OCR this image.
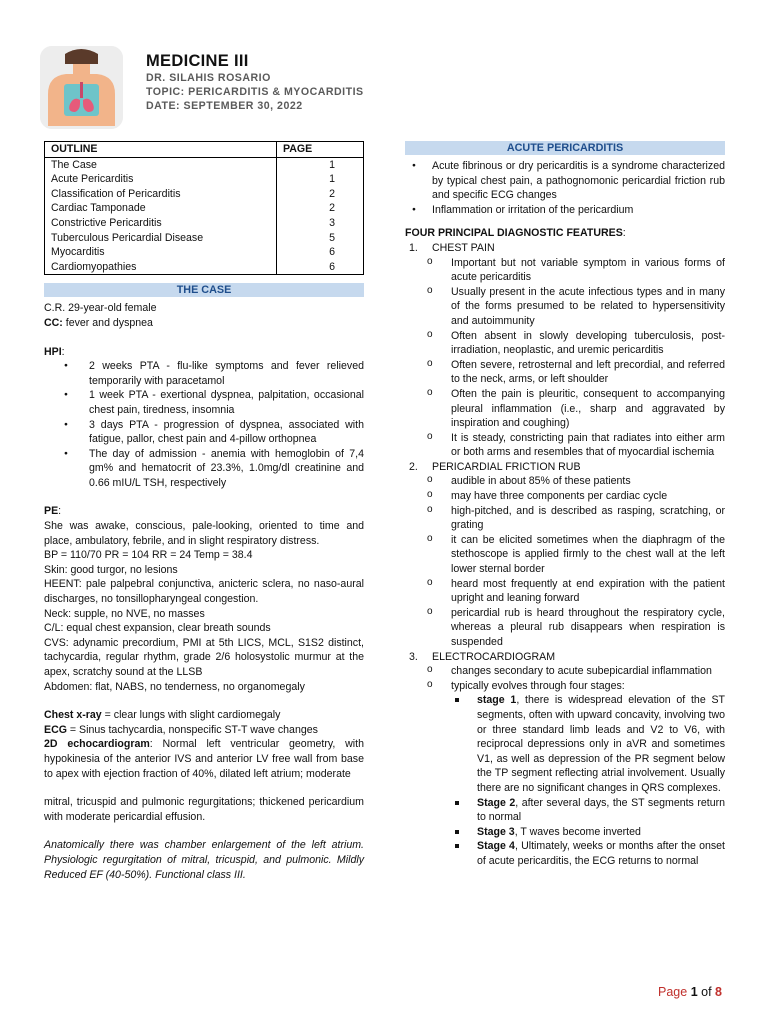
MEDICINE III
DR. SILAHIS ROSARIO
TOPIC: PERICARDITIS & MYOCARDITIS
DATE: SEPTEMBER 30, 2022
OUTLINE	PAGE
The Case	1
Acute Pericarditis	1
Classification of Pericarditis	2
Cardiac Tamponade	2
Constrictive Pericarditis	3
Tuberculous Pericardial Disease	5
Myocarditis	6
Cardiomyopathies	6
THE CASE

C.R. 29-year-old female

CC: fever and dyspnea

HPI:

● 2 weeks PTA - flu-like symptoms and fever relieved temporarily with paracetamol
● 1 week PTA - exertional dyspnea, palpitation, occasional chest pain, tiredness, insomnia
● 3 days PTA - progression of dyspnea, associated with fatigue, pallor, chest pain and 4-pillow orthopnea
● The day of admission - anemia with hemoglobin of 7,4 gm% and hematocrit of 23.3%, 1.0mg/dl creatinine and 0.66 mIU/L TSH, respectively

PE:

She was awake, conscious, pale-looking, oriented to time and place, ambulatory, febrile, and in slight respiratory distress.

BP = 110/70 PR = 104 RR = 24 Temp = 38.4

Skin: good turgor, no lesions

HEENT: pale palpebral conjunctiva, anicteric sclera, no naso-aural discharges, no tonsillopharyngeal congestion.

Neck: supple, no NVE, no masses

C/L: equal chest expansion, clear breath sounds

CVS: adynamic precordium, PMI at 5th LICS, MCL, S1S2 distinct, tachycardia, regular rhythm, grade 2/6 holosystolic murmur at the apex, scratchy sound at the LLSB

Abdomen: flat, NABS, no tenderness, no organomegaly

Chest x-ray = clear lungs with slight cardiomegaly

ECG = Sinus tachycardia, nonspecific ST-T wave changes

2D echocardiogram: Normal left ventricular geometry, with hypokinesia of the anterior IVS and anterior LV free wall from base to apex with ejection fraction of 40%, dilated left atrium; moderate

mitral, tricuspid and pulmonic regurgitations; thickened pericardium with moderate pericardial effusion.

Anatomically there was chamber enlargement of the left atrium. Physiologic regurgitation of mitral, tricuspid, and pulmonic. Mildly Reduced EF (40-50%). Functional class III.

ACUTE PERICARDITIS
● Acute fibrinous or dry pericarditis is a syndrome characterized by typical chest pain, a pathognomonic pericardial friction rub and specific ECG changes
● Inflammation or irritation of the pericardium

FOUR PRINCIPAL DIAGNOSTIC FEATURES:

1. CHEST PAIN
o Important but not variable symptom in various forms of acute pericarditis
o Usually present in the acute infectious types and in many of the forms presumed to be related to hypersensitivity and autoimmunity
o Often absent in slowly developing tuberculosis, post-irradiation, neoplastic, and uremic pericarditis
o Often severe, retrosternal and left precordial, and referred to the neck, arms, or left shoulder
o Often the pain is pleuritic, consequent to accompanying pleural inflammation (i.e., sharp and aggravated by inspiration and coughing)
o It is steady, constricting pain that radiates into either arm or both arms and resembles that of myocardial ischemia
2. PERICARDIAL FRICTION RUB
o audible in about 85% of these patients
o may have three components per cardiac cycle
o high-pitched, and is described as rasping, scratching, or grating
o it can be elicited sometimes when the diaphragm of the stethoscope is applied firmly to the chest wall at the left lower sternal border
o heard most frequently at end expiration with the patient upright and leaning forward
o pericardial rub is heard throughout the respiratory cycle, whereas a pleural rub disappears when respiration is suspended
3. ELECTROCARDIOGRAM
o changes secondary to acute subepicardial inflammation
o typically evolves through four stages:
stage 1, there is widespread elevation of the ST segments, often with upward concavity, involving two or three standard limb leads and V2 to V6, with reciprocal depressions only in aVR and sometimes V1, as well as depression of the PR segment below the TP segment reflecting atrial involvement. Usually there are no significant changes in QRS complexes.
Stage 2, after several days, the ST segments return to normal
Stage 3, T waves become inverted
Stage 4, Ultimately, weeks or months after the onset of acute pericarditis, the ECG returns to normal
Page 1 of 8
